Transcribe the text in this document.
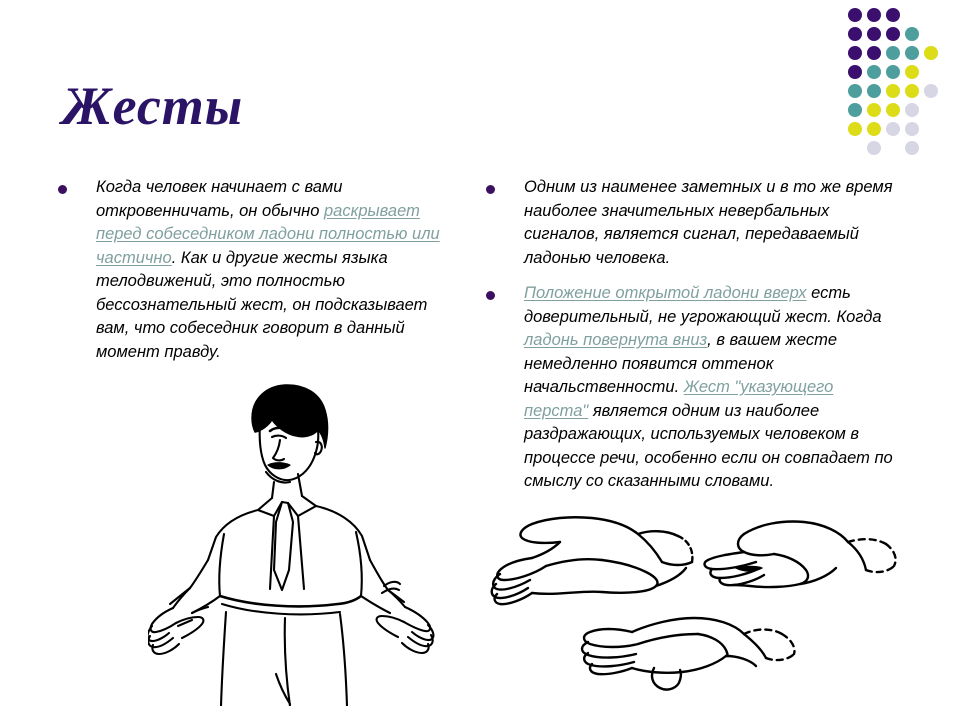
Жесты
Когда человек начинает с вами откровенничать, он обычно раскрывает перед собеседником ладони полностью или частично. Как и другие жесты языка телодвижений, это полностью бессознательный жест, он подсказывает вам, что собеседник говорит в данный момент правду.
Одним из наименее заметных и в то же время наиболее значительных невербальных сигналов, является сигнал, передаваемый ладонью человека.
Положение открытой ладони вверх есть доверительный, не угрожающий жест. Когда ладонь повернута вниз, в вашем жесте немедленно появится оттенок начальственности. Жест "указующего перста" является одним из наиболее раздражающих, используемых человеком в процессе речи, особенно если он совпадает по смыслу со сказанными словами.
